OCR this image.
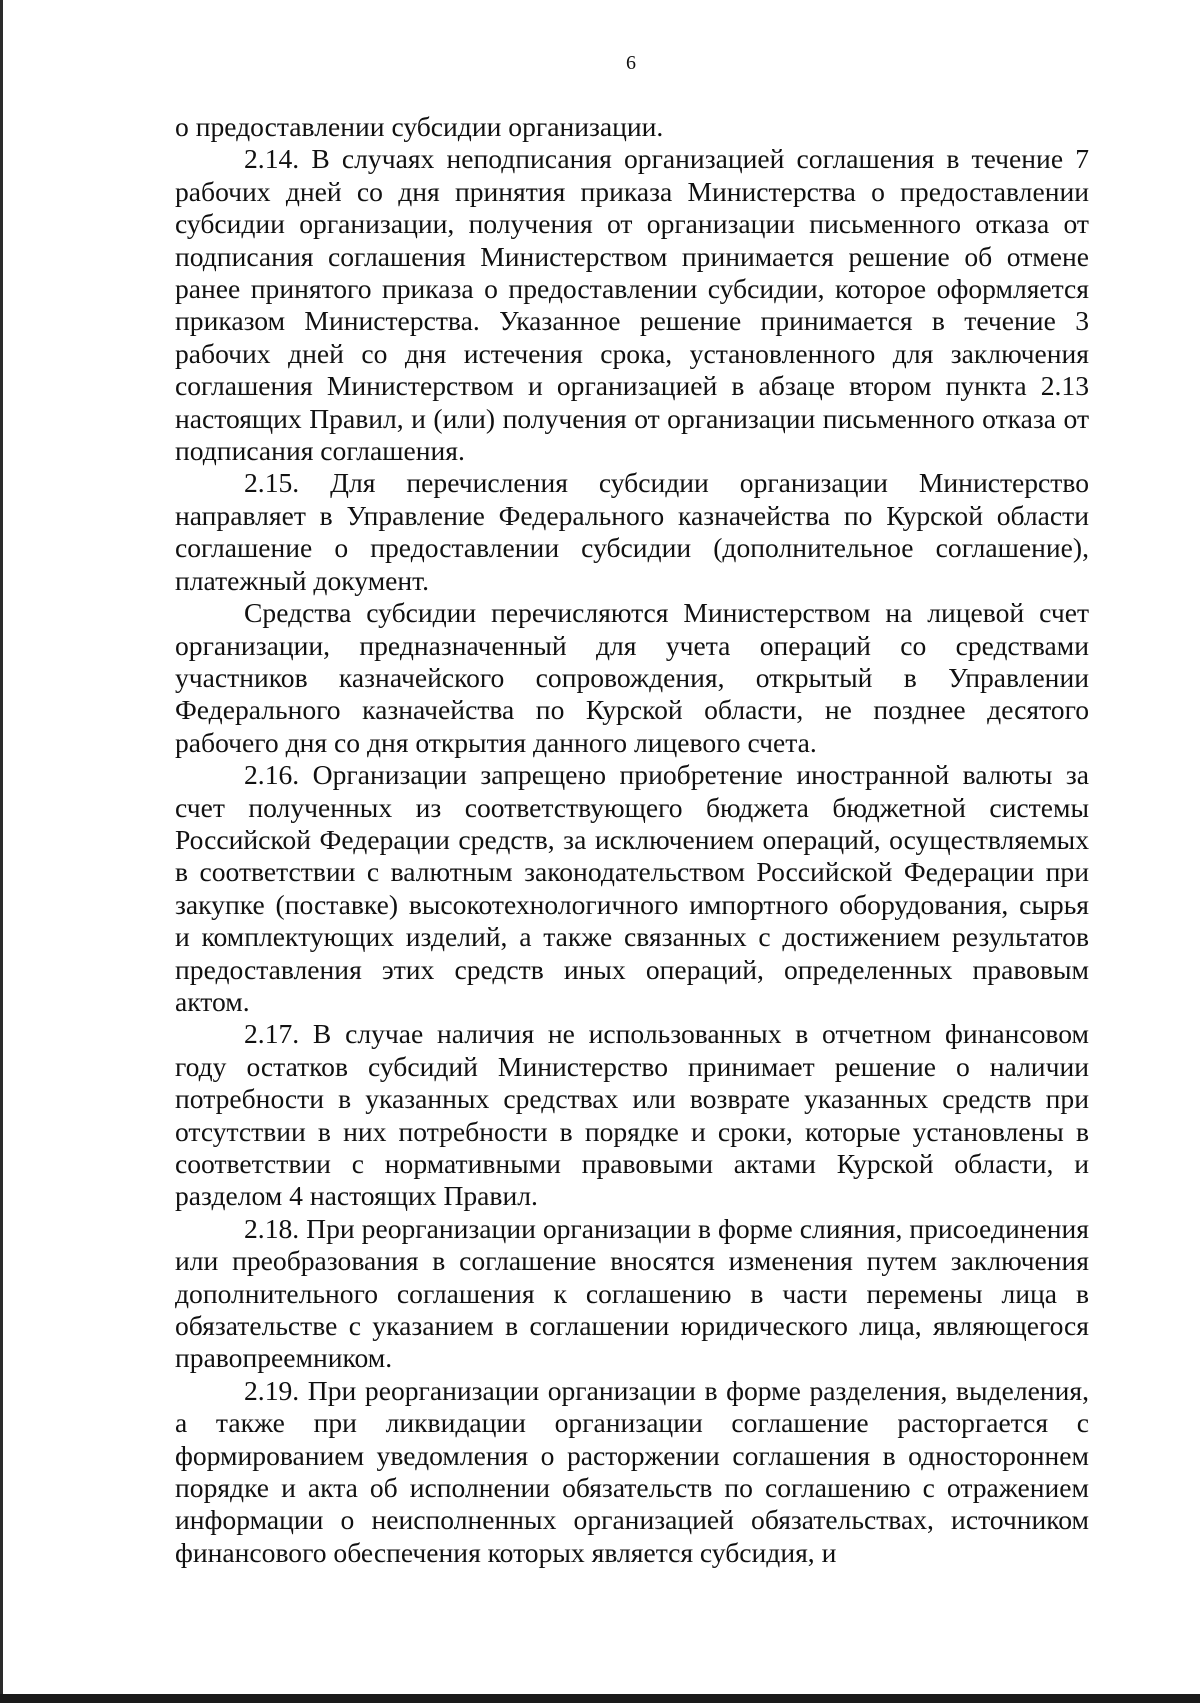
6

о предоставлении субсидии организации.

2.14. В случаях неподписания организацией соглашения в течение 7 рабочих дней со дня принятия приказа Министерства о предоставлении субсидии организации, получения от организации письменного отказа от подписания соглашения Министерством принимается решение об отмене ранее принятого приказа о предоставлении субсидии, которое оформляется приказом Министерства. Указанное решение принимается в течение 3 рабочих дней со дня истечения срока, установленного для заключения соглашения Министерством и организацией в абзаце втором пункта 2.13 настоящих Правил, и (или) получения от организации письменного отказа от подписания соглашения.

2.15. Для перечисления субсидии организации Министерство направляет в Управление Федерального казначейства по Курской области соглашение о предоставлении субсидии (дополнительное соглашение), платежный документ.

Средства субсидии перечисляются Министерством на лицевой счет организации, предназначенный для учета операций со средствами участников казначейского сопровождения, открытый в Управлении Федерального казначейства по Курской области, не позднее десятого рабочего дня со дня открытия данного лицевого счета.

2.16. Организации запрещено приобретение иностранной валюты за счет полученных из соответствующего бюджета бюджетной системы Российской Федерации средств, за исключением операций, осуществляемых в соответствии с валютным законодательством Российской Федерации при закупке (поставке) высокотехнологичного импортного оборудования, сырья и комплектующих изделий, а также связанных с достижением результатов предоставления этих средств иных операций, определенных правовым актом.

2.17. В случае наличия не использованных в отчетном финансовом году остатков субсидий Министерство принимает решение о наличии потребности в указанных средствах или возврате указанных средств при отсутствии в них потребности в порядке и сроки, которые установлены в соответствии с нормативными правовыми актами Курской области, и разделом 4 настоящих Правил.

2.18. При реорганизации организации в форме слияния, присоединения или преобразования в соглашение вносятся изменения путем заключения дополнительного соглашения к соглашению в части перемены лица в обязательстве с указанием в соглашении юридического лица, являющегося правопреемником.

2.19. При реорганизации организации в форме разделения, выделения, а также при ликвидации организации соглашение расторгается с формированием уведомления о расторжении соглашения в одностороннем порядке и акта об исполнении обязательств по соглашению с отражением информации о неисполненных организацией обязательствах, источником финансового обеспечения которых является субсидия, и
